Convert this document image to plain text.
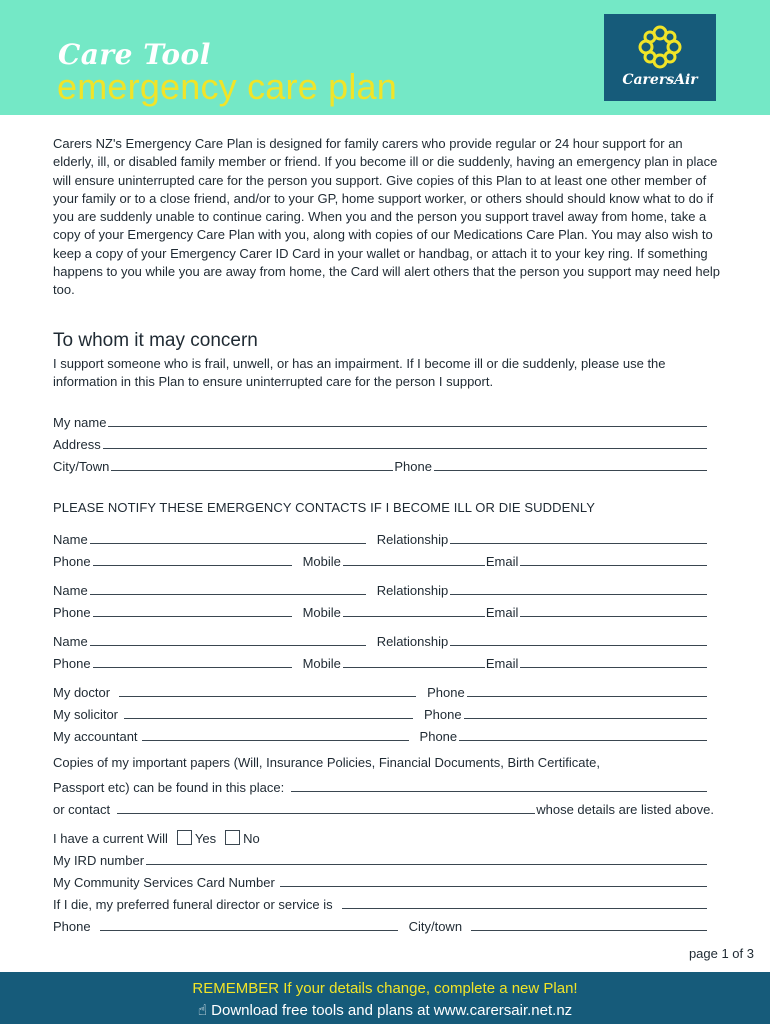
Care Tool
emergency care plan	CarersAir
Carers NZ's Emergency Care Plan is designed for family carers who provide regular or 24 hour support for an elderly, ill, or disabled family member or friend. If you become ill or die suddenly, having an emergency plan in place will ensure uninterrupted care for the person you support. Give copies of this Plan to at least one other member of your family or to a close friend, and/or to your GP, home support worker, or others should should know what to do if you are suddenly unable to continue caring. When you and the person you support travel away from home, take a copy of your Emergency Care Plan with you, along with copies of our Medications Care Plan. You may also wish to keep a copy of your Emergency Carer ID Card in your wallet or handbag, or attach it to your key ring. If something happens to you while you are away from home, the Card will alert others that the person you support may need help too.
To whom it may concern
I support someone who is frail, unwell, or has an impairment. If I become ill or die suddenly, please use the information in this Plan to ensure uninterrupted care for the person I support.
My name
Address
City/Town	Phone
PLEASE NOTIFY THESE EMERGENCY CONTACTS IF I BECOME ILL OR DIE SUDDENLY
Name	Relationship
Phone	Mobile	Email
Name	Relationship
Phone	Mobile	Email
Name	Relationship
Phone	Mobile	Email
My doctor	Phone
My solicitor	Phone
My accountant	Phone
Copies of my important papers (Will, Insurance Policies, Financial Documents, Birth Certificate,
Passport etc) can be found in this place:
or contact	whose details are listed above.
I have a current Will Yes No
My IRD number
My Community Services Card Number
If I die, my preferred funeral director or service is
Phone	City/town
page 1 of 3
REMEMBER If your details change, complete a new Plan!
☝︎ Download free tools and plans at www.carersair.net.nz
